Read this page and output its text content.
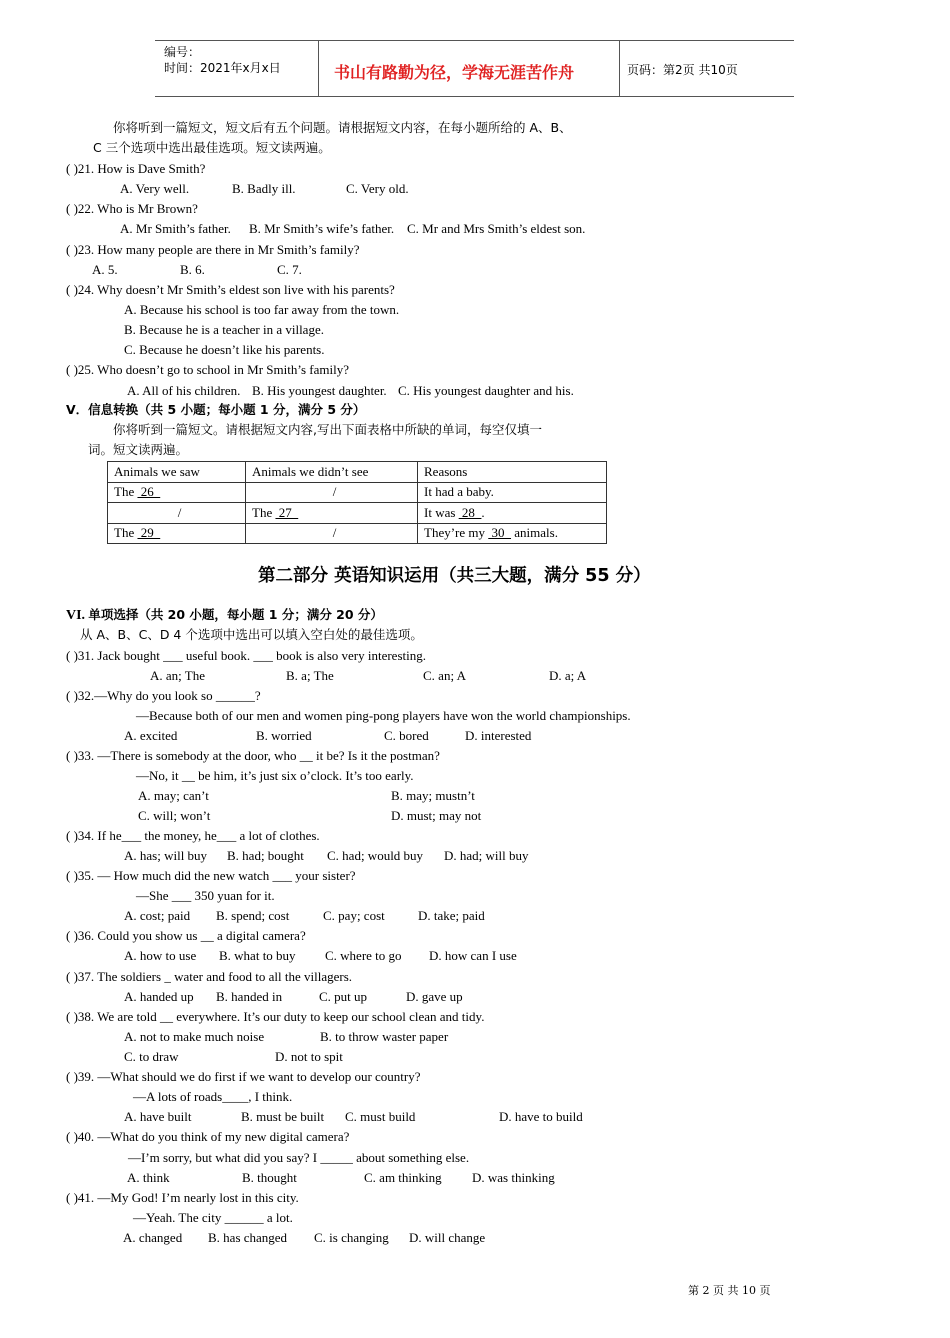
编号：
时间：2021年x月x日	书山有路勤为径，学海无涯苦作舟	页码：第2页 共10页
你将听到一篇短文，短文后有五个问题。请根据短文内容，在每小题所给的 A、B、
C 三个选项中选出最佳选项。短文读两遍。
( )21. How is Dave Smith?
A. Very well.	B. Badly ill.	C. Very old.
( )22. Who is Mr Brown?
A. Mr Smith’s father. B. Mr Smith’s wife’s father. C. Mr and Mrs Smith’s eldest son.
( )23. How many people are there in Mr Smith’s family?
A. 5.	B. 6.	C. 7.
( )24. Why doesn’t Mr Smith’s eldest son live with his parents?
A. Because his school is too far away from the town.
B. Because he is a teacher in a village.
C. Because he doesn’t like his parents.
( )25. Who doesn’t go to school in Mr Smith’s family?
A. All of his children. B. His youngest daughter. C. His youngest daughter and his.
V．信息转换（共 5 小题；每小题 1 分，满分 5 分）
你将听到一篇短文。请根据短文内容,写出下面表格中所缺的单词，每空仅填一
词。短文读两遍。
Animals we saw	Animals we didn’t see	Reasons
The  26	/	It had a baby.
/	The  27	It was  28  .
The  29	/	They’re my  30   animals.
第二部分 英语知识运用（共三大题，满分 55 分）
VI. 单项选择（共 20 小题，每小题 1 分；满分 20 分）
从 A、B、C、D 4 个选项中选出可以填入空白处的最佳选项。
( )31. Jack bought ___ useful book. ___ book is also very interesting.
A. an; The	B. a; The	C. an; A	D. a; A
( )32.—Why do you look so ______?
—Because both of our men and women ping-pong players have won the world championships.
A. excited	B. worried	C. bored	D. interested
( )33. —There is somebody at the door, who __ it be? Is it the postman?
—No, it __ be him, it’s just six o’clock. It’s too early.
A. may; can’t	B. may; mustn’t
C. will; won’t	D. must; may not
( )34. If he___ the money, he___ a lot of clothes.
A. has; will buy B. had; bought C. had; would buy D. had; will buy
( )35. — How much did the new watch ___ your sister?
—She ___ 350 yuan for it.
A. cost; paid B. spend; cost	C. pay; cost	D. take; paid
( )36. Could you show us __ a digital camera?
A. how to use B. what to buy C. where to go D. how can I use
( )37. The soldiers _ water and food to all the villagers.
A. handed up B. handed in	C. put up	D. gave up
( )38. We are told __ everywhere. It’s our duty to keep our school clean and tidy.
A. not to make much noise	B. to throw waster paper
C. to draw	D. not to spit
( )39. —What should we do first if we want to develop our country?
—A lots of roads____, I think.
A. have built	B. must be built C. must build	D. have to build
( )40. —What do you think of my new digital camera?
—I’m sorry, but what did you say? I _____ about something else.
A. think	B. thought	C. am thinking D. was thinking
( )41. —My God! I’m nearly lost in this city.
—Yeah. The city ______ a lot.
A. changed B. has changed C. is changing D. will change
第 2 页 共 10 页
